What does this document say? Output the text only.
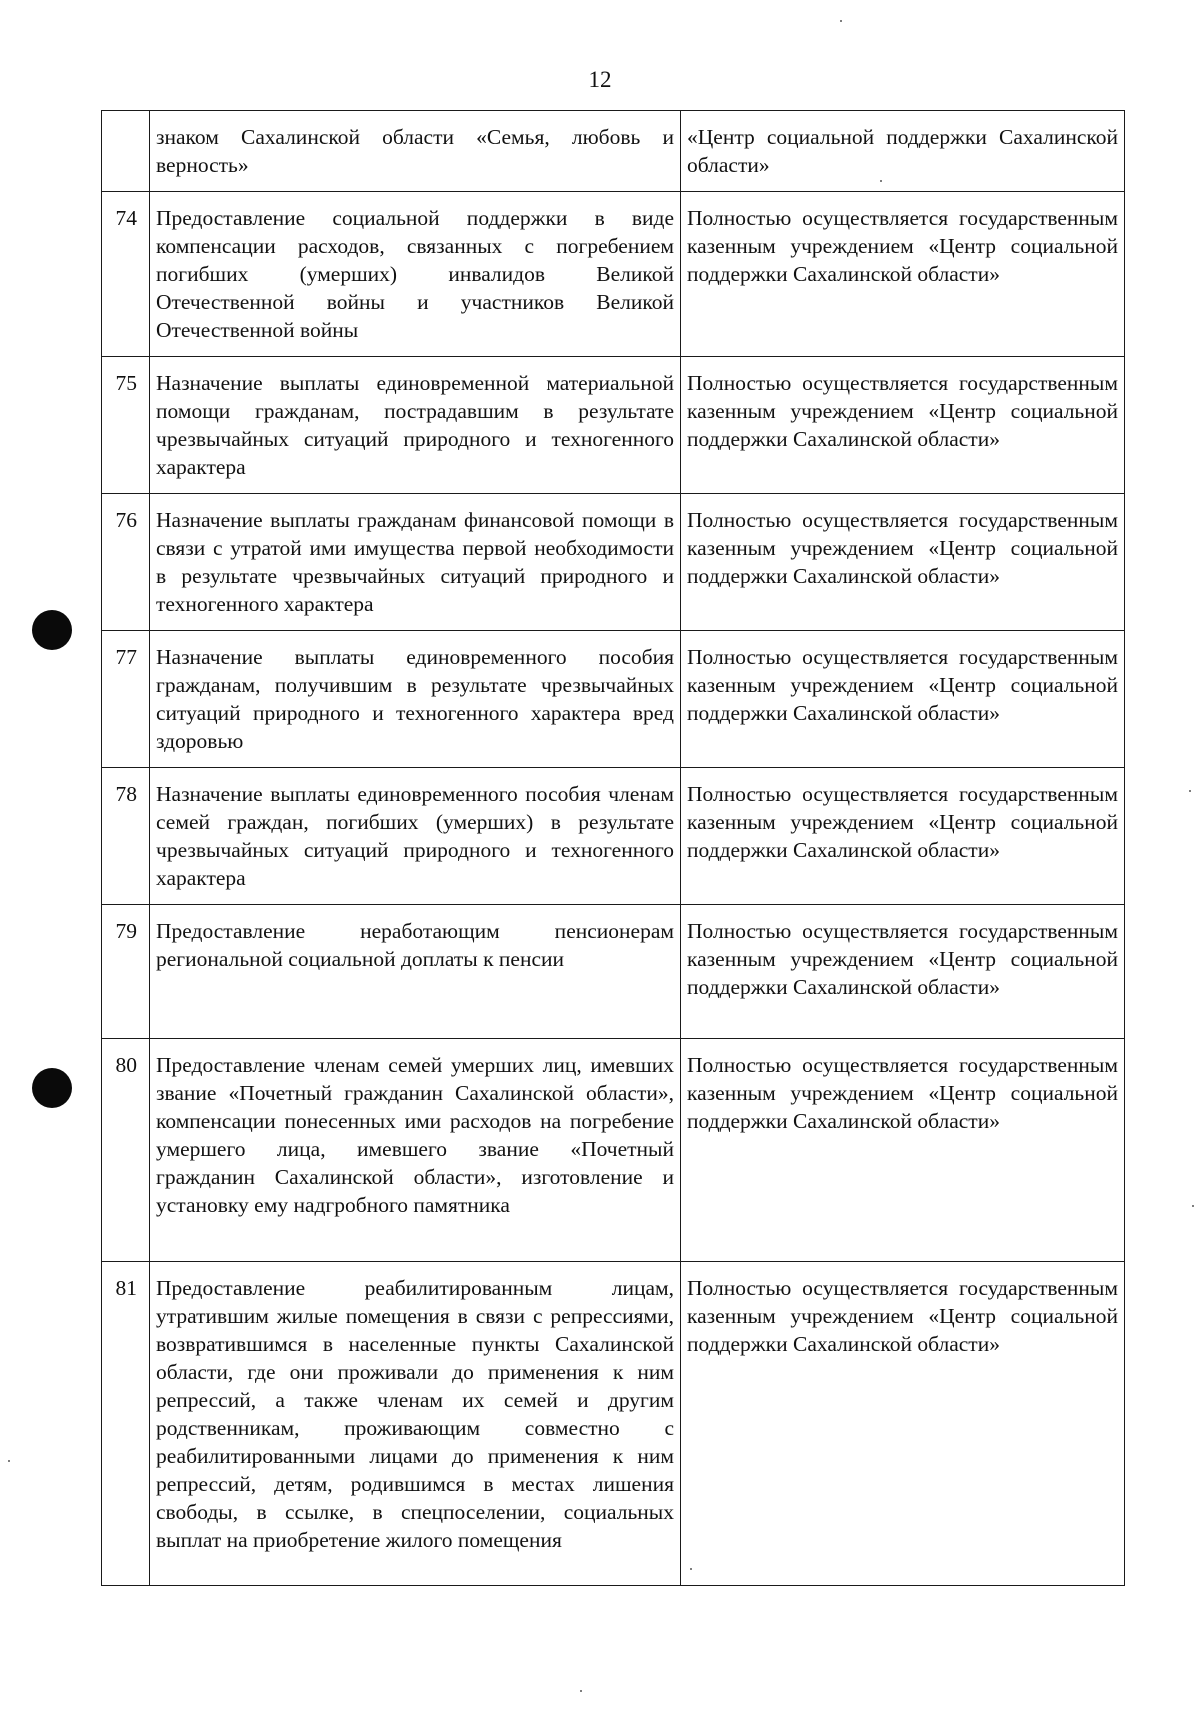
12
	знаком Сахалинской области «Семья, любовь и верность»	«Центр социальной поддержки Сахалинской области»
74	Предоставление социальной поддержки в виде компенсации расходов, связанных с погребением погибших (умерших) инвалидов Великой Отечественной войны и участников Великой Отечественной войны	Полностью осуществляется государственным казенным учреждением «Центр социальной поддержки Сахалинской области»
75	Назначение выплаты единовременной материальной помощи гражданам, пострадавшим в результате чрезвычайных ситуаций природного и техногенного характера	Полностью осуществляется государственным казенным учреждением «Центр социальной поддержки Сахалинской области»
76	Назначение выплаты гражданам финансовой помощи в связи с утратой ими имущества первой необходимости в результате чрезвычайных ситуаций природного и техногенного характера	Полностью осуществляется государственным казенным учреждением «Центр социальной поддержки Сахалинской области»
77	Назначение выплаты единовременного пособия гражданам, получившим в результате чрезвычайных ситуаций природного и техногенного характера вред здоровью	Полностью осуществляется государственным казенным учреждением «Центр социальной поддержки Сахалинской области»
78	Назначение выплаты единовременного пособия членам семей граждан, погибших (умерших) в результате чрезвычайных ситуаций природного и техногенного характера	Полностью осуществляется государственным казенным учреждением «Центр социальной поддержки Сахалинской области»
79	Предоставление неработающим пенсионерам региональной социальной доплаты к пенсии	Полностью осуществляется государственным казенным учреждением «Центр социальной поддержки Сахалинской области»
80	Предоставление членам семей умерших лиц, имевших звание «Почетный гражданин Сахалинской области», компенсации понесенных ими расходов на погребение умершего лица, имевшего звание «Почетный гражданин Сахалинской области», изготовление и установку ему надгробного памятника	Полностью осуществляется государственным казенным учреждением «Центр социальной поддержки Сахалинской области»
81	Предоставление реабилитированным лицам, утратившим жилые помещения в связи с репрессиями, возвратившимся в населенные пункты Сахалинской области, где они проживали до применения к ним репрессий, а также членам их семей и другим родственникам, проживающим совместно с реабилитированными лицами до применения к ним репрессий, детям, родившимся в местах лишения свободы, в ссылке, в спецпоселении, социальных выплат на приобретение жилого помещения	Полностью осуществляется государственным казенным учреждением «Центр социальной поддержки Сахалинской области»
